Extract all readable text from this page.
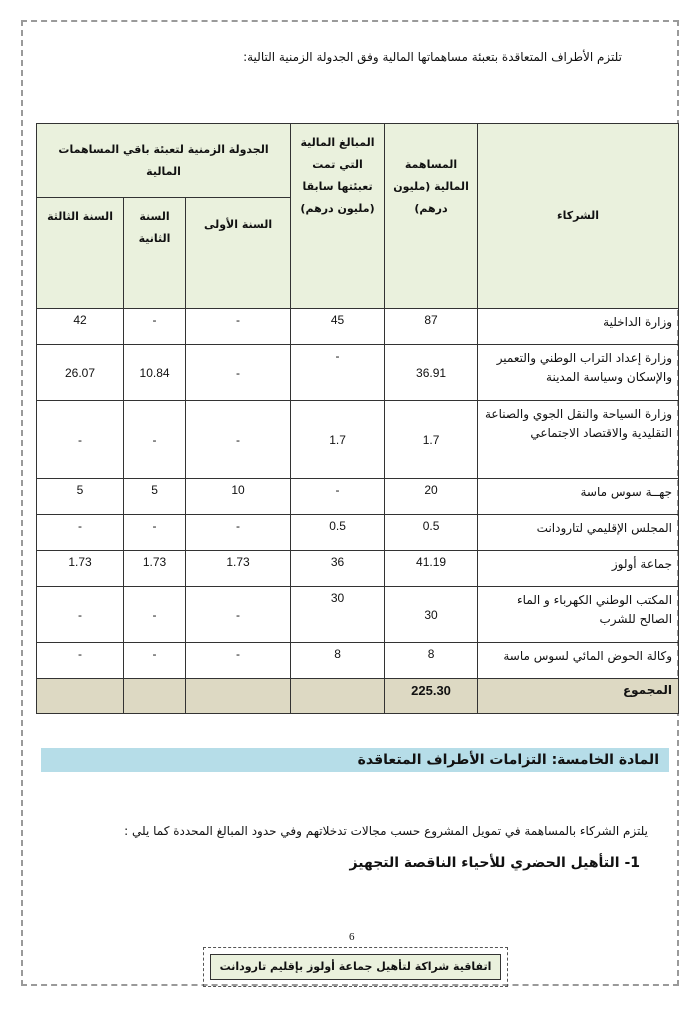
تلتزم الأطراف المتعاقدة بتعبئة مساهماتها المالية وفق الجدولة الزمنية التالية:
الشركاء	المساهمة المالية (مليون درهم)	المبالغ المالية التي تمت تعبئتها سابقا (مليون درهم)	الجدولة الزمنية لتعبئة باقي المساهمات المالية		
			السنة الأولى	السنة الثانية	السنة الثالثة
وزارة الداخلية	87	45	-	-	42
وزارة إعداد التراب الوطني والتعمير والإسكان وسياسة المدينة	36.91	-	-	10.84	26.07
وزارة السياحة والنقل الجوي والصناعة التقليدية والاقتصاد الاجتماعي	1.7	1.7	-	-	-
جهــة سوس ماسة	20	-	10	5	5
المجلس الإقليمي لتارودانت	0.5	0.5	-	-	-
جماعة أولوز	41.19	36	1.73	1.73	1.73
المكتب الوطني الكهرباء و الماء الصالح للشرب	30	30	-	-	-
وكالة الحوض المائي لسوس ماسة	8	8	-	-	-
المجموع	225.30				
المادة الخامسة: التزامات الأطراف المتعاقدة
يلتزم الشركاء بالمساهمة في تمويل المشروع حسب مجالات تدخلاتهم وفي حدود المبالغ المحددة كما يلي :
1- التأهيل الحضري للأحياء الناقصة التجهيز
6
اتفاقية شراكة لتأهيل جماعة أولوز بإقليم تارودانت
